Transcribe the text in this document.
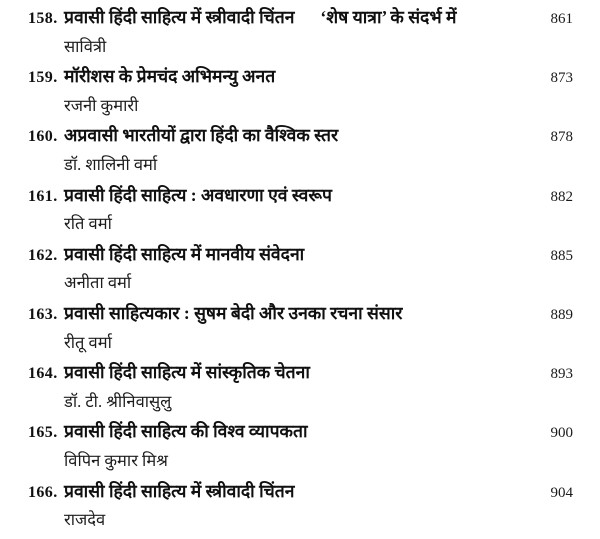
158. प्रवासी हिंदी साहित्य में स्त्रीवादी चिंतन ‘शेष यात्रा’ के संदर्भ में	861
सावित्री
159. मॉरीशस के प्रेमचंद अभिमन्यु अनत	873
रजनी कुमारी
160. अप्रवासी भारतीयों द्वारा हिंदी का वैश्विक स्तर	878
डॉ. शालिनी वर्मा
161. प्रवासी हिंदी साहित्य : अवधारणा एवं स्वरूप	882
रति वर्मा
162. प्रवासी हिंदी साहित्य में मानवीय संवेदना	885
अनीता वर्मा
163. प्रवासी साहित्यकार : सुषम बेदी और उनका रचना संसार	889
रीतू वर्मा
164. प्रवासी हिंदी साहित्य में सांस्कृतिक चेतना	893
डॉ. टी. श्रीनिवासुलु
165. प्रवासी हिंदी साहित्य की विश्व व्यापकता	900
विपिन कुमार मिश्र
166. प्रवासी हिंदी साहित्य में स्त्रीवादी चिंतन	904
राजदेव
